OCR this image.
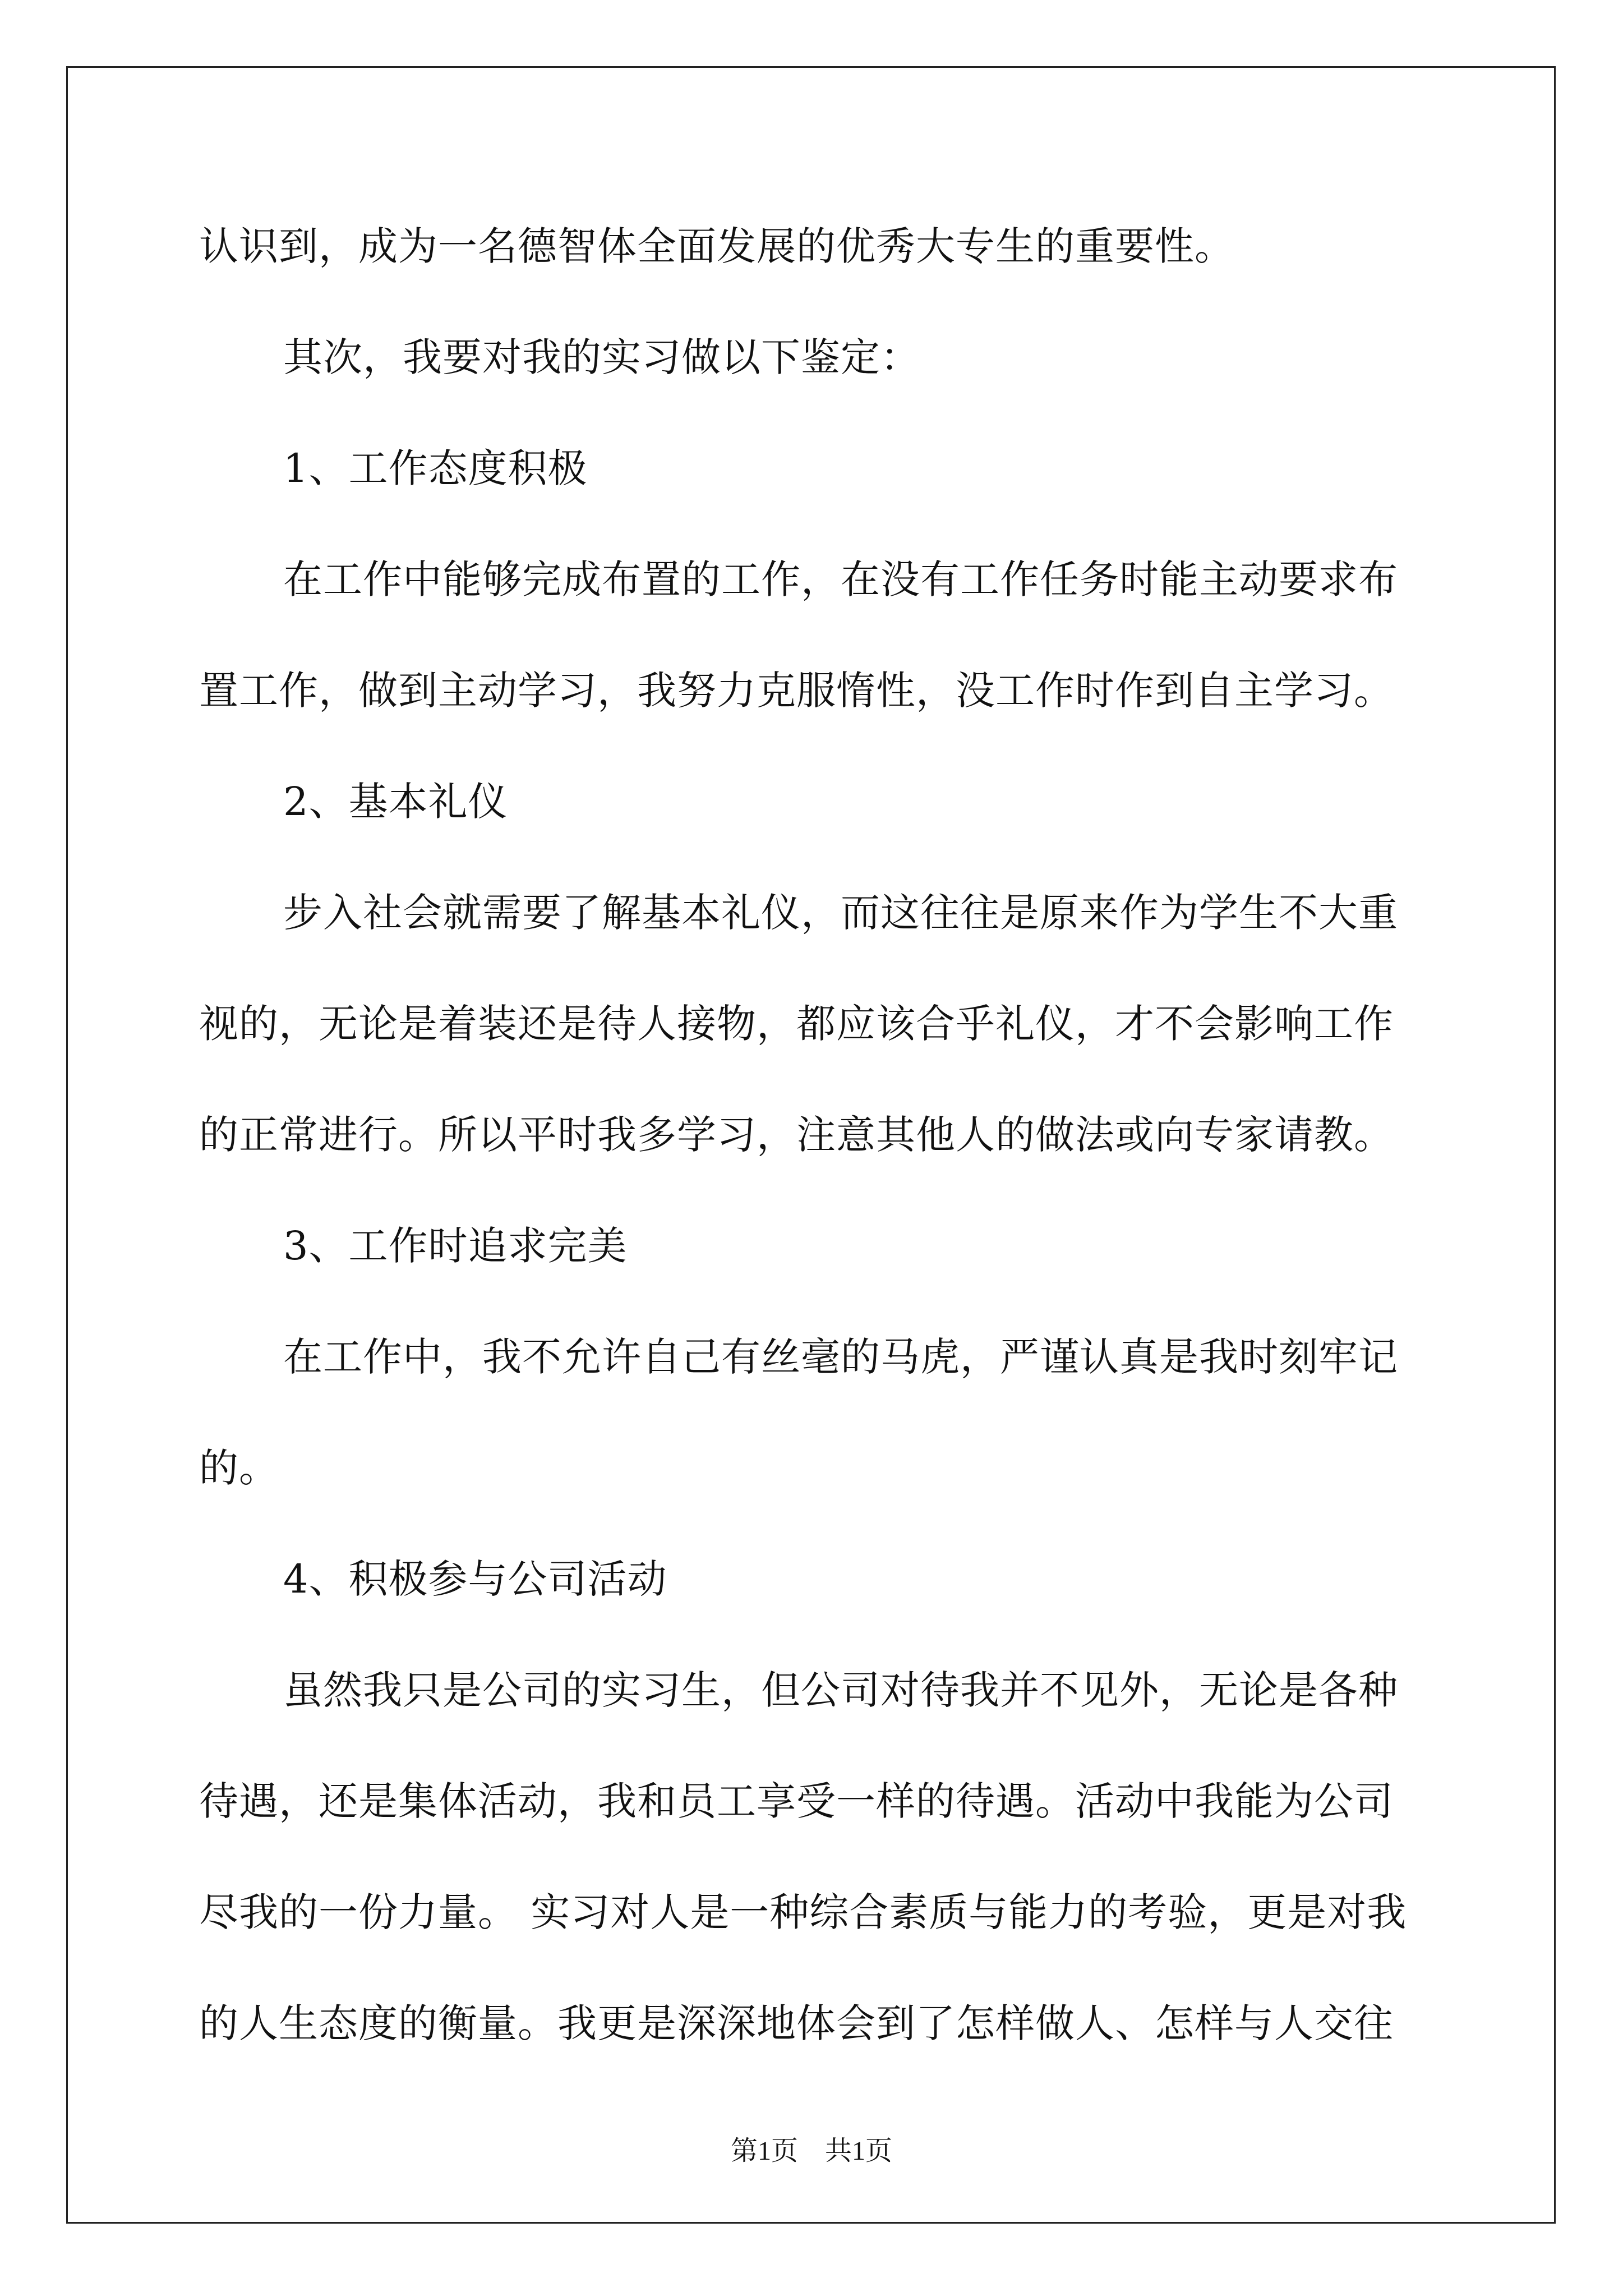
认识到，成为一名德智体全面发展的优秀大专生的重要性。
其次，我要对我的实习做以下鉴定：
1、工作态度积极
在工作中能够完成布置的工作，在没有工作任务时能主动要求布
置工作，做到主动学习，我努力克服惰性，没工作时作到自主学习。
2、基本礼仪
步入社会就需要了解基本礼仪，而这往往是原来作为学生不大重
视的，无论是着装还是待人接物，都应该合乎礼仪，才不会影响工作
的正常进行。所以平时我多学习，注意其他人的做法或向专家请教。
3、工作时追求完美
在工作中，我不允许自己有丝毫的马虎，严谨认真是我时刻牢记
的。
4、积极参与公司活动
虽然我只是公司的实习生，但公司对待我并不见外，无论是各种
待遇，还是集体活动，我和员工享受一样的待遇。活动中我能为公司
尽我的一份力量。 实习对人是一种综合素质与能力的考验，更是对我
的人生态度的衡量。我更是深深地体会到了怎样做人、怎样与人交往
第1页　共1页
